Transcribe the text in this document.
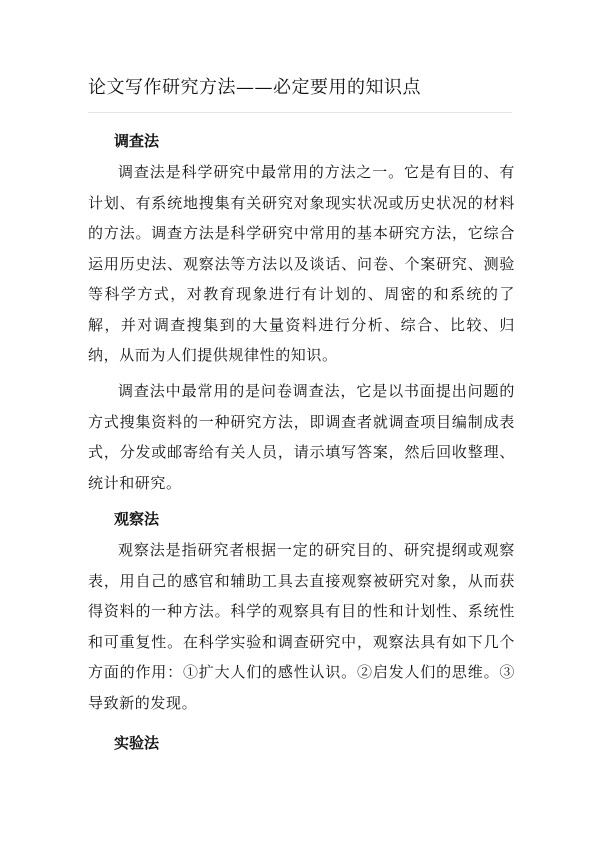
论文写作研究方法——必定要用的知识点
调查法

调查法是科学研究中最常用的方法之一。它是有目的、有计划、有系统地搜集有关研究对象现实状况或历史状况的材料的方法。调查方法是科学研究中常用的基本研究方法，它综合运用历史法、观察法等方法以及谈话、问卷、个案研究、测验等科学方式，对教育现象进行有计划的、周密的和系统的了解，并对调查搜集到的大量资料进行分析、综合、比较、归纳，从而为人们提供规律性的知识。

调查法中最常用的是问卷调查法，它是以书面提出问题的方式搜集资料的一种研究方法，即调查者就调查项目编制成表式，分发或邮寄给有关人员，请示填写答案，然后回收整理、统计和研究。

观察法

观察法是指研究者根据一定的研究目的、研究提纲或观察表，用自己的感官和辅助工具去直接观察被研究对象，从而获得资料的一种方法。科学的观察具有目的性和计划性、系统性和可重复性。在科学实验和调查研究中，观察法具有如下几个方面的作用：①扩大人们的感性认识。②启发人们的思维。③导致新的发现。

实验法
